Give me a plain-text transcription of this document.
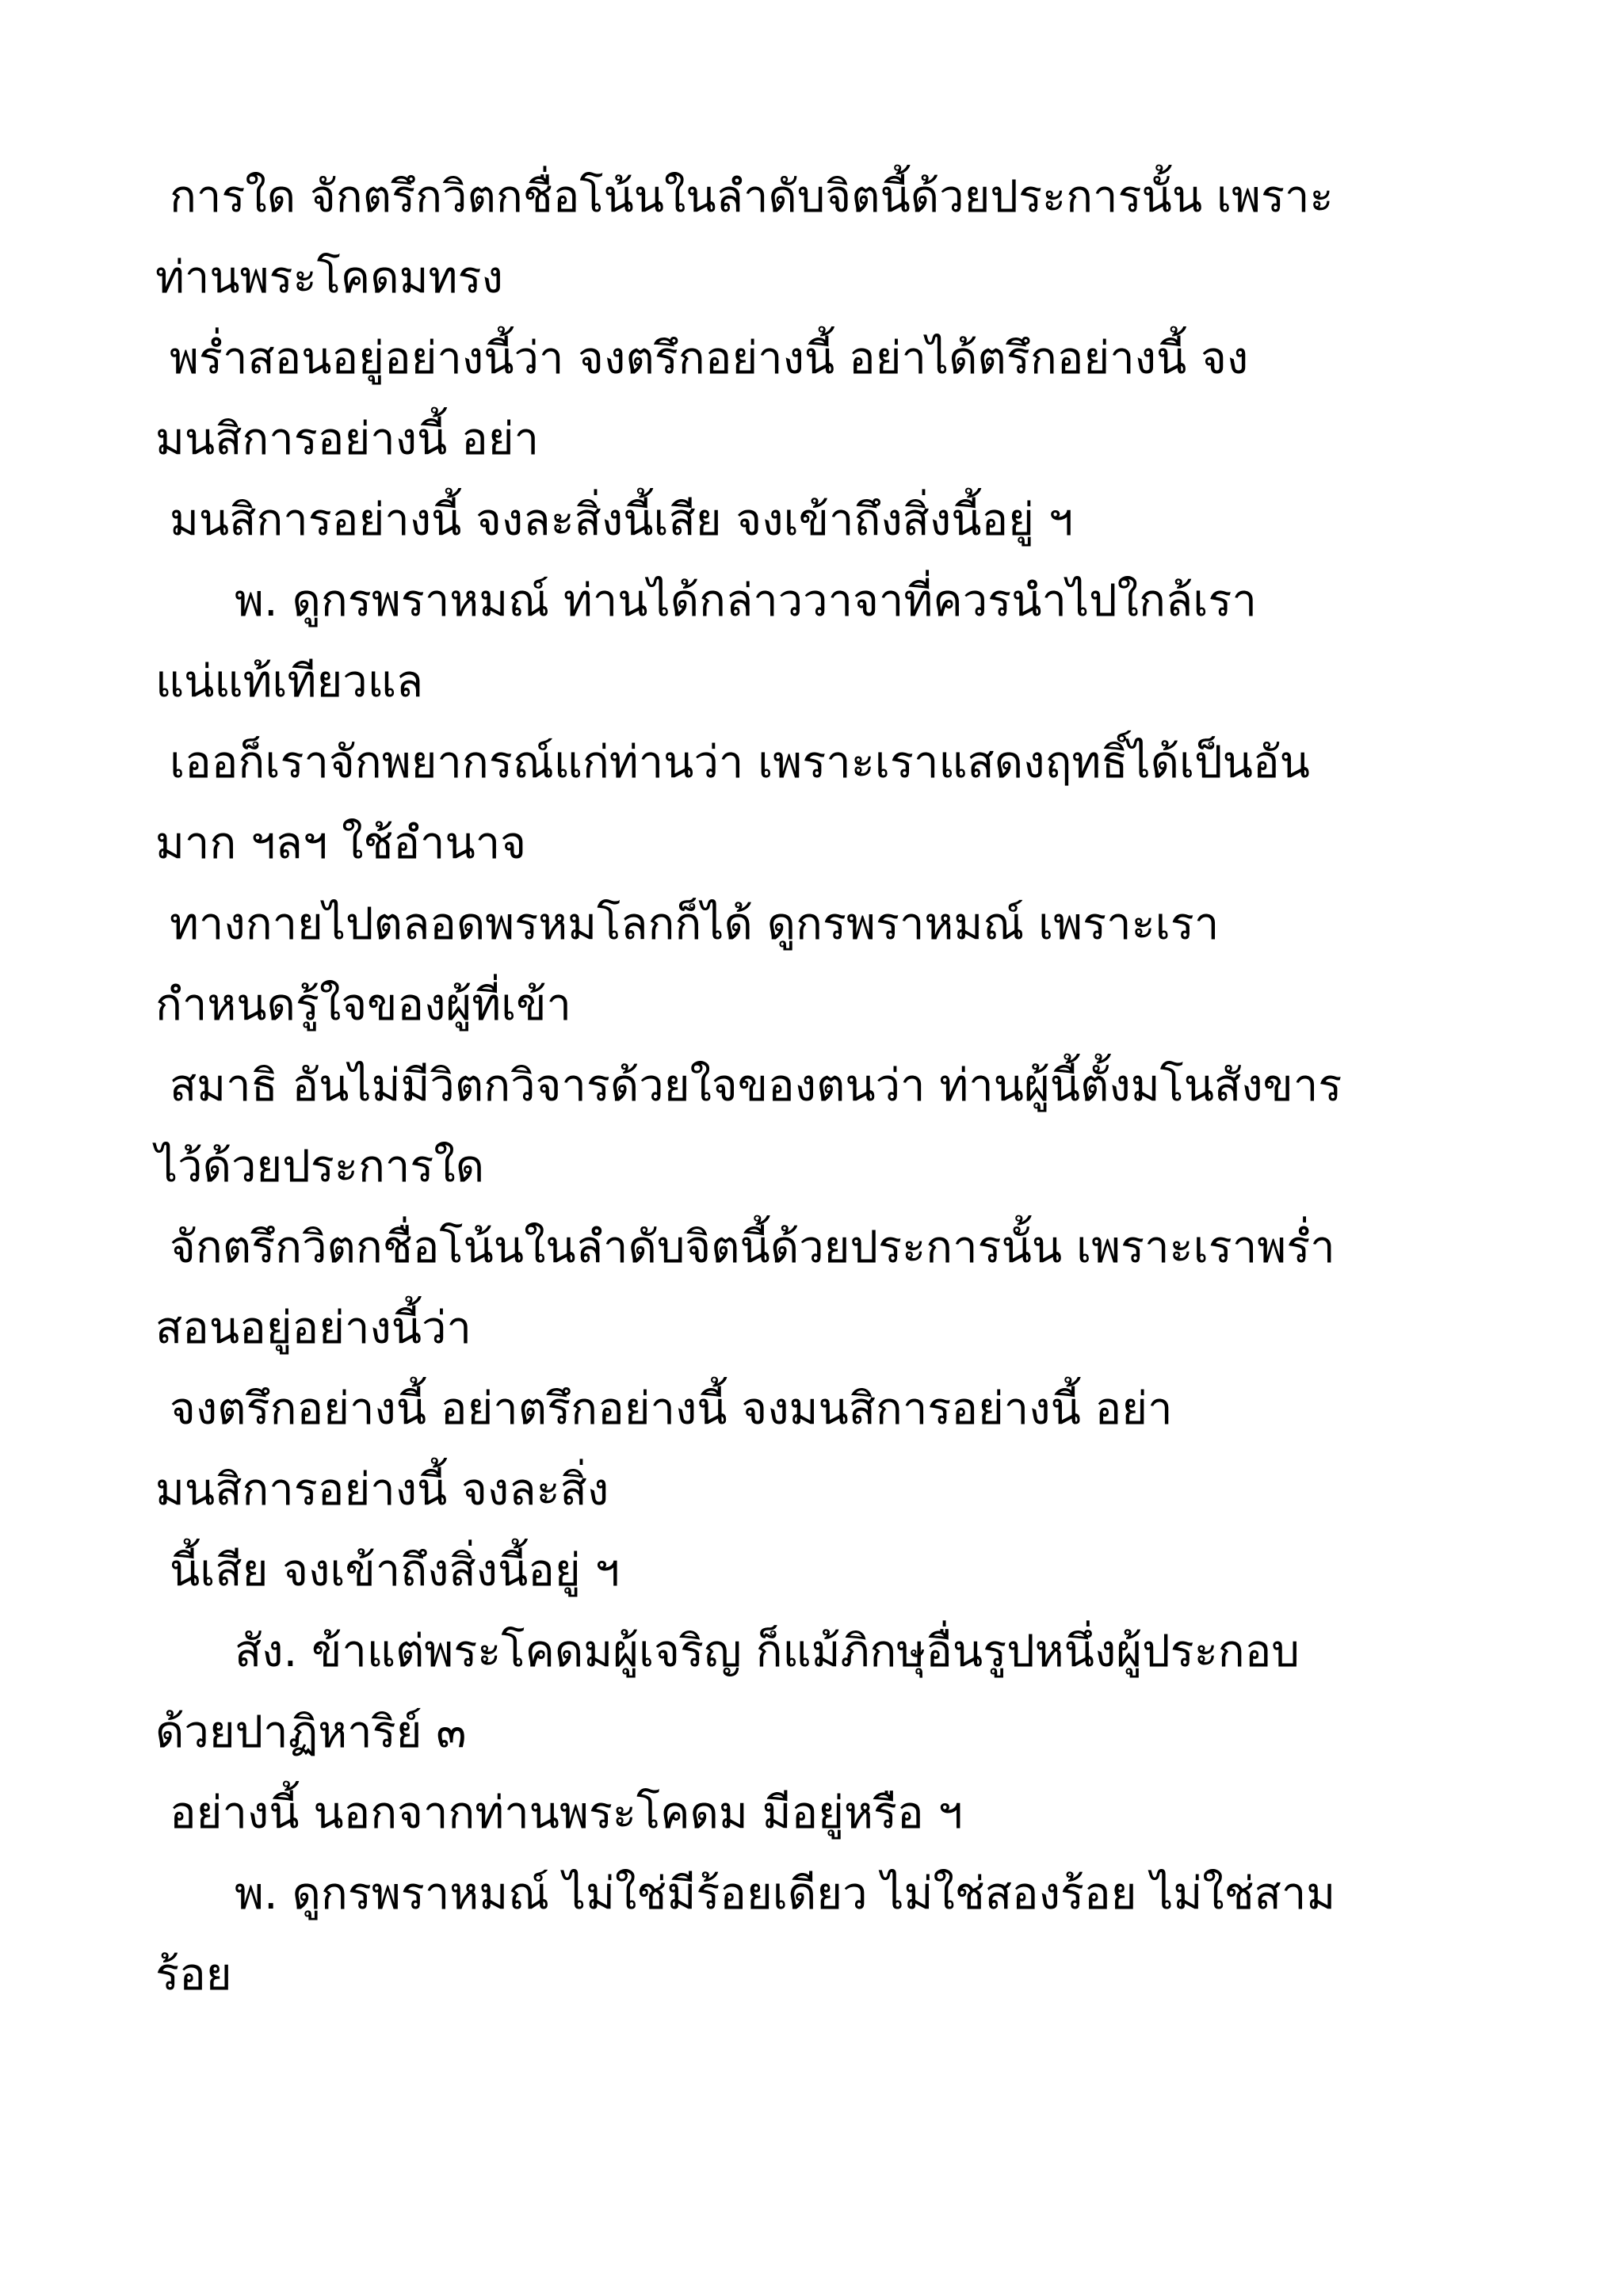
การใด จักตรึกวิตกชื่อโน้นในลำดับจิตนี้ด้วยประการนั้น เพราะ
ท่านพระโคดมทรง
พร่ำสอนอยู่อย่างนี้ว่า จงตรึกอย่างนี้ อย่าได้ตรึกอย่างนี้ จง
มนสิการอย่างนี้ อย่า
มนสิการอย่างนี้ จงละสิ่งนี้เสีย จงเข้าถึงสิ่งนี้อยู่ ฯ
พ. ดูกรพราหมณ์ ท่านได้กล่าววาจาที่ควรนำไปใกล้เรา
แน่แท้เทียวแล
เออก็เราจักพยากรณ์แก่ท่านว่า เพราะเราแสดงฤทธิ์ได้เป็นอัน
มาก ฯลฯ ใช้อำนาจ
ทางกายไปตลอดพรหมโลกก็ได้ ดูกรพราหมณ์ เพราะเรา
กำหนดรู้ใจของผู้ที่เข้า
สมาธิ อันไม่มีวิตกวิจารด้วยใจของตนว่า ท่านผู้นี้ตั้งมโนสังขาร
ไว้ด้วยประการใด
จักตรึกวิตกชื่อโน้นในลำดับจิตนี้ด้วยประการนั้น เพราะเราพร่ำ
สอนอยู่อย่างนี้ว่า
จงตรึกอย่างนี้ อย่าตรึกอย่างนี้ จงมนสิการอย่างนี้ อย่า
มนสิการอย่างนี้ จงละสิ่ง
นี้เสีย จงเข้าถึงสิ่งนี้อยู่ ฯ
สัง. ข้าแต่พระโคดมผู้เจริญ ก็แม้ภิกษุอื่นรูปหนึ่งผู้ประกอบ
ด้วยปาฏิหาริย์ ๓
อย่างนี้ นอกจากท่านพระโคดม มีอยู่หรือ ฯ
พ. ดูกรพราหมณ์ ไม่ใช่มีร้อยเดียว ไม่ใช่สองร้อย ไม่ใช่สาม
ร้อย
